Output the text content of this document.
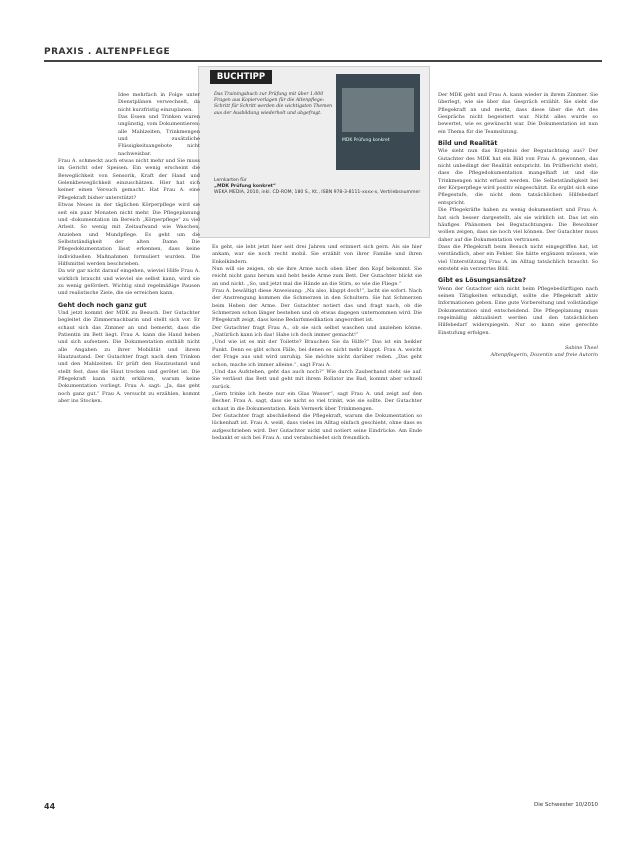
PRAXIS . ALTENPFLEGE
BUCHTIPP
MDK Prüfung konkret
Das Trainingsbuch zur Prüfung mit über 1.000 Fragen aus Kopiervorlagen für die Altenpflege: Schritt für Schritt werden die wichtigsten Themen aus der Ausbildung wiederholt und abgefragt.
Lernkarten für
„MDK Prüfung konkret“
WEKA MEDIA, 2010, inkl. CD-ROM, 180 S., Kt., ISBN 978-3-8111-xxxx-x, Vertriebsnummer

Idee mehrfach in Folge unter Dienstplänen verwechselt, da nicht kurzfristig einzuplanen.

Das Essen und Trinken waren ungünstig, vom Dokumentieren: alle Mahlzeiten, Trinkmengen und zusätzliche Flüssigkeitsangebote nicht nachweisbar.

Frau A. schmeckt auch etwas nicht mehr und Sie muss im Gericht oder Speisen. Ein wenig erscheint die Beweglichkeit von Sensorik, Kraft der Hand und Gelenkbeweglichkeit einzuschätzen. Hier hat sich keiner einen Versuch gemacht. Hat Frau A. eine Pflegekraft bisher unterstützt?

Etwas Neues in der täglichen Körperpflege wird sie seit ein paar Monaten nicht mehr. Die Pflegeplanung und -dokumentation im Bereich „Körperpflege“ zu viel Arbeit. So wenig mit Zeitaufwand wie Waschen, Anziehen und Mundpflege. Es geht um die Selbstständigkeit der alten Dame. Die Pflegedokumentation lässt erkennen, dass keine individuellen Maßnahmen formuliert wurden. Die Hilfsmittel werden beschrieben.

Da wir gar nicht darauf eingehen, wieviel Hilfe Frau A. wirklich braucht und wieviel sie selbst kann, wird sie zu wenig gefördert. Wichtig sind regelmäßige Pausen und realistische Ziele, die sie erreichen kann.

Geht doch noch ganz gut

Und jetzt kommt der MDK zu Besuch. Der Gutachter begleitet die Zimmernachbarin und stellt sich vor. Er schaut sich das Zimmer an und bemerkt, dass die Patientin im Bett liegt. Frau A. kann die Hand heben und sich aufsetzen. Die Dokumentation enthält nicht alle Angaben zu ihrer Mobilität und ihrem Hautzustand. Der Gutachter fragt nach dem Trinken und den Mahlzeiten. Er prüft den Hautzustand und stellt fest, dass die Haut trocken und gerötet ist. Die Pflegekraft kann nicht erklären, warum keine Dokumentation vorliegt. Frau A. sagt: „Ja, das geht noch ganz gut.“ Frau A. versucht zu erzählen, kommt aber ins Stocken.

Es geht, sie lebt jetzt hier seit drei Jahren und erinnert sich gern. Als sie hier ankam, war sie noch recht mobil. Sie erzählt von ihrer Familie und ihren Enkelkindern.

Nun will sie zeigen, ob sie ihre Arme noch oben über den Kopf bekommt. Sie reicht nicht ganz herum und hebt beide Arme zum Bett. Der Gutachter blickt sie an und nickt. „So, und jetzt mal die Hände an die Stirn, so wie die Fliege.“

Frau A. bewältigt diese Anweisung: „Na also, klappt doch!“, lacht sie sofort. Nach der Anstrengung kommen die Schmerzen in den Schultern. Sie hat Schmerzen beim Heben der Arme. Der Gutachter notiert das und fragt nach, ob die Schmerzen schon länger bestehen und ob etwas dagegen unternommen wird. Die Pflegekraft zeigt, dass keine Bedarfsmedikation angeordnet ist.

Der Gutachter fragt Frau A., ob sie sich selbst waschen und anziehen könne. „Natürlich kann ich das! Habe ich doch immer gemacht!“

„Und wie ist es mit der Toilette? Brauchen Sie da Hilfe?“ Das ist ein heikler Punkt. Denn es gibt schon Fälle, bei denen es nicht mehr klappt. Frau A. weicht der Frage aus und wird unruhig. Sie möchte nicht darüber reden. „Das geht schon, mache ich immer alleine.“, sagt Frau A.

„Und das Aufstehen, geht das auch noch?“ Wie durch Zauberhand steht sie auf. Sie verlässt das Bett und geht mit ihrem Rollator ins Bad, kommt aber schnell zurück.

„Gern trinke ich heute nur ein Glas Wasser“, sagt Frau A. und zeigt auf den Becher. Frau A. sagt, dass sie nicht so viel trinkt, wie sie sollte. Der Gutachter schaut in die Dokumentation. Kein Vermerk über Trinkmengen.

Der Gutachter fragt abschließend die Pflegekraft, warum die Dokumentation so lückenhaft ist. Frau A. weiß, dass vieles im Alltag einfach geschieht, ohne dass es aufgeschrieben wird. Der Gutachter nickt und notiert seine Eindrücke. Am Ende bedankt er sich bei Frau A. und verabschiedet sich freundlich.

Der MDK geht und Frau A. kann wieder in ihrem Zimmer. Sie überlegt, wie sie über das Gespräch erzählt. Sie sieht die Pflegekraft an und merkt, dass diese über die Art des Gesprächs nicht begeistert war. Nicht alles wurde so bewertet, wie es gewünscht war. Die Dokumentation ist nun ein Thema für die Teamsitzung.

Bild und Realität

Wie sieht nun das Ergebnis der Begutachtung aus? Der Gutachter des MDK hat ein Bild von Frau A. gewonnen, das nicht unbedingt der Realität entspricht. Im Prüfbericht steht, dass die Pflegedokumentation mangelhaft ist und die Trinkmengen nicht erfasst werden. Die Selbstständigkeit bei der Körperpflege wird positiv eingeschätzt. Es ergibt sich eine Pflegestufe, die nicht dem tatsächlichen Hilfebedarf entspricht.

Die Pflegekräfte haben zu wenig dokumentiert und Frau A. hat sich besser dargestellt, als sie wirklich ist. Das ist ein häufiges Phänomen bei Begutachtungen: Die Bewohner wollen zeigen, dass sie noch viel können. Der Gutachter muss daher auf die Dokumentation vertrauen.

Dass die Pflegekraft beim Besuch nicht eingegriffen hat, ist verständlich, aber ein Fehler. Sie hätte ergänzen müssen, wie viel Unterstützung Frau A. im Alltag tatsächlich braucht. So entsteht ein verzerrtes Bild.

Gibt es Lösungsansätze?

Wenn der Gutachter sich nicht beim Pflegebedürftigen nach seinen Tätigkeiten erkundigt, sollte die Pflegekraft aktiv Informationen geben. Eine gute Vorbereitung und vollständige Dokumentation sind entscheidend. Die Pflegeplanung muss regelmäßig aktualisiert werden und den tatsächlichen Hilfebedarf widerspiegeln. Nur so kann eine gerechte Einstufung erfolgen.

Sabine Theel

Altenpflegerin, Dozentin und freie Autorin

44	Die Schwester 10/2010
